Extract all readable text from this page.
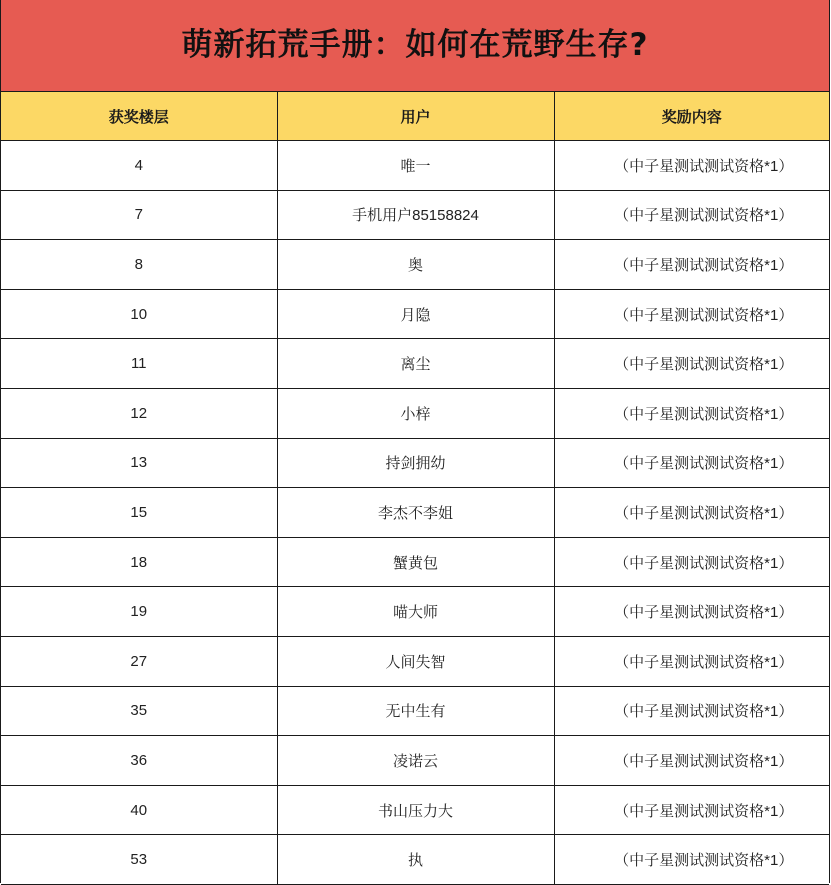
萌新拓荒手册：如何在荒野生存?
获奖楼层	用户	奖励内容
4	唯一	（中子星测试测试资格*1）
7	手机用户85158824	（中子星测试测试资格*1）
8	奥	（中子星测试测试资格*1）
10	月隐	（中子星测试测试资格*1）
11	离尘	（中子星测试测试资格*1）
12	小梓	（中子星测试测试资格*1）
13	持剑拥幼	（中子星测试测试资格*1）
15	李杰不李姐	（中子星测试测试资格*1）
18	蟹黄包	（中子星测试测试资格*1）
19	喵大师	（中子星测试测试资格*1）
27	人间失智	（中子星测试测试资格*1）
35	无中生有	（中子星测试测试资格*1）
36	凌诺云	（中子星测试测试资格*1）
40	书山压力大	（中子星测试测试资格*1）
53	执	（中子星测试测试资格*1）
